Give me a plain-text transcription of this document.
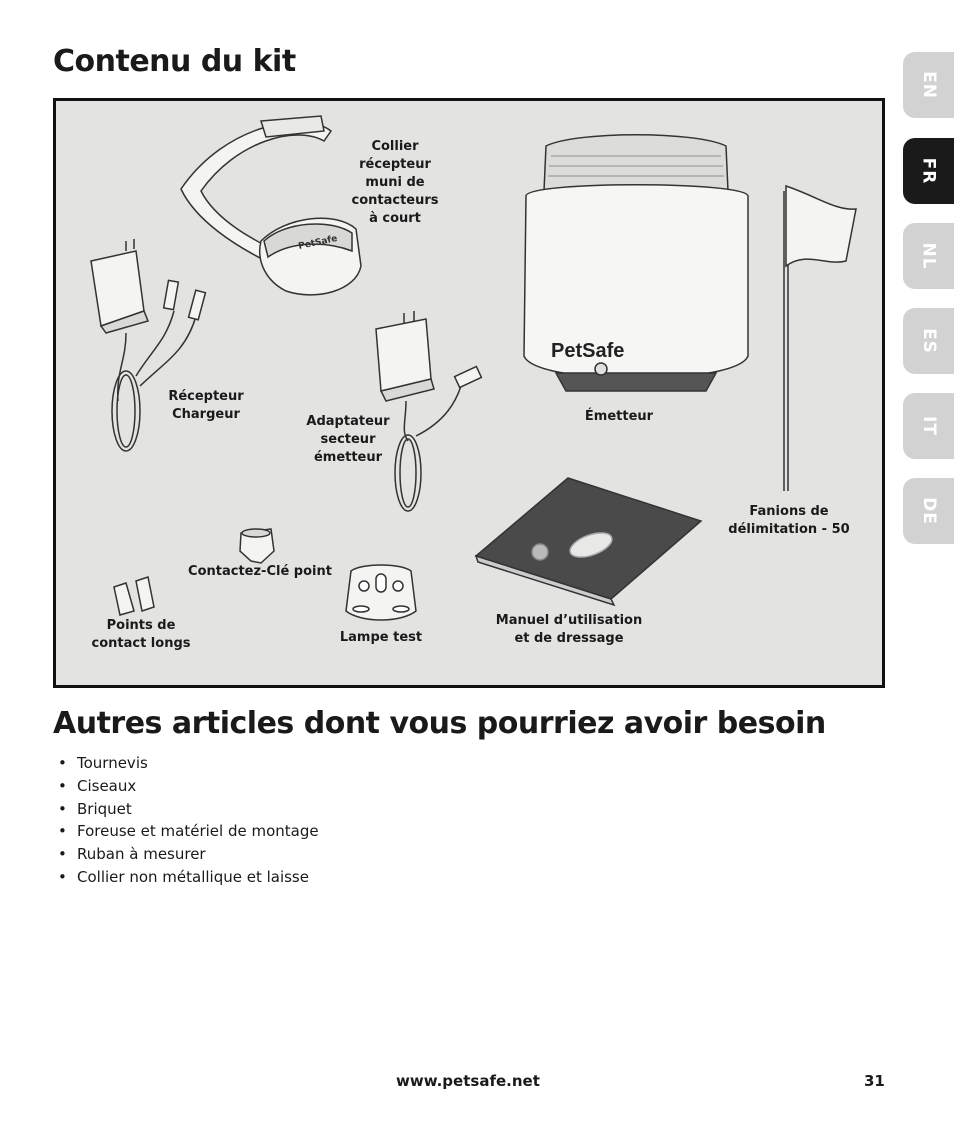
Contenu du kit
PetSafe
PetSafe
Collier
récepteur
muni de
contacteurs
à court
Récepteur
Chargeur	Adaptateur
secteur
émetteur
Émetteur
Fanions de
délimitation - 50
Contactez-Clé point
Points de
contact longs	Lampe test
Manuel d’utilisation
et de dressage
EN
FR
NL
ES
IT
DE
Autres articles dont vous pourriez avoir besoin
• Tournevis
• Ciseaux
• Briquet
• Foreuse et matériel de montage
• Ruban à mesurer
• Collier non métallique et laisse
www.petsafe.net	31
